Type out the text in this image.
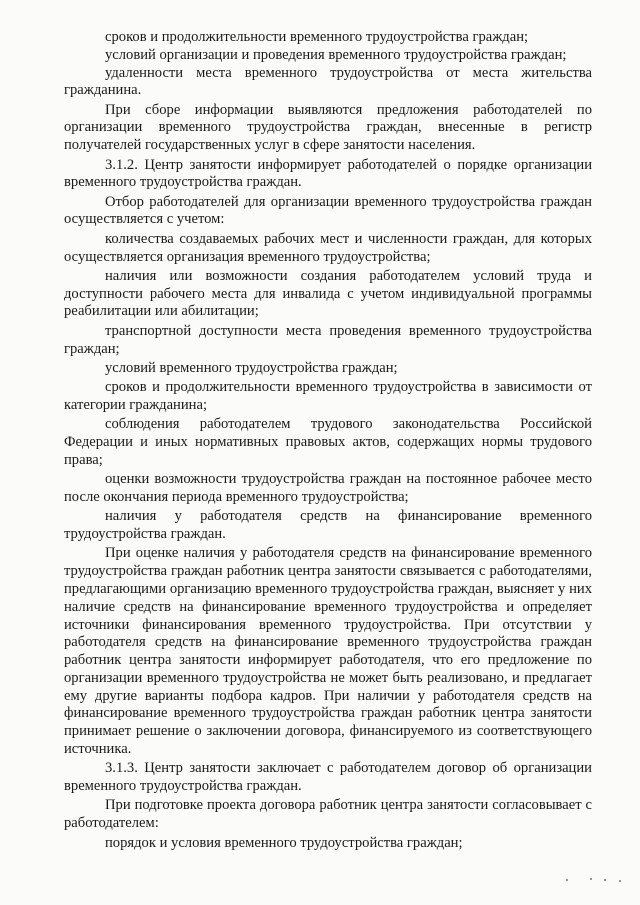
сроков и продолжительности временного трудоустройства граждан;

условий организации и проведения временного трудоустройства граждан;

удаленности места временного трудоустройства от места жительства гражданина.

При сборе информации выявляются предложения работодателей по организации временного трудоустройства граждан, внесенные в регистр получателей государственных услуг в сфере занятости населения.

3.1.2. Центр занятости информирует работодателей о порядке организации временного трудоустройства граждан.

Отбор работодателей для организации временного трудоустройства граждан осуществляется с учетом:

количества создаваемых рабочих мест и численности граждан, для которых осуществляется организация временного трудоустройства;

наличия или возможности создания работодателем условий труда и доступности рабочего места для инвалида с учетом индивидуальной программы реабилитации или абилитации;

транспортной доступности места проведения временного трудоустройства граждан;

условий временного трудоустройства граждан;

сроков и продолжительности временного трудоустройства в зависимости от категории гражданина;

соблюдения работодателем трудового законодательства Российской Федерации и иных нормативных правовых актов, содержащих нормы трудового права;

оценки возможности трудоустройства граждан на постоянное рабочее место после окончания периода временного трудоустройства;

наличия у работодателя средств на финансирование временного трудоустройства граждан.

При оценке наличия у работодателя средств на финансирование временного трудоустройства граждан работник центра занятости связывается с работодателями, предлагающими организацию временного трудоустройства граждан, выясняет у них наличие средств на финансирование временного трудоустройства и определяет источники финансирования временного трудоустройства. При отсутствии у работодателя средств на финансирование временного трудоустройства граждан работник центра занятости информирует работодателя, что его предложение по организации временного трудоустройства не может быть реализовано, и предлагает ему другие варианты подбора кадров. При наличии у работодателя средств на финансирование временного трудоустройства граждан работник центра занятости принимает решение о заключении договора, финансируемого из соответствующего источника.

3.1.3. Центр занятости заключает с работодателем договор об организации временного трудоустройства граждан.

При подготовке проекта договора работник центра занятости согласовывает с работодателем:

порядок и условия временного трудоустройства граждан;
